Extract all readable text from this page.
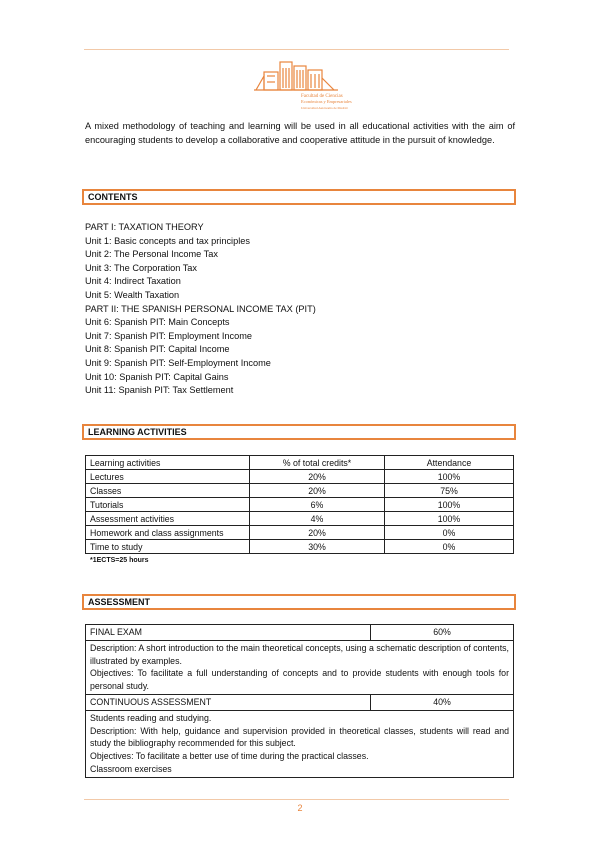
Facultad de Ciencias
Económicas y Empresariales
Universidad Autónoma de Madrid
A mixed methodology of teaching and learning will be used in all educational activities with the aim of encouraging students to develop a collaborative and cooperative attitude in the pursuit of knowledge.
CONTENTS
PART I: TAXATION THEORY
Unit 1: Basic concepts and tax principles
Unit 2: The Personal Income Tax
Unit 3: The Corporation Tax
Unit 4: Indirect Taxation
Unit 5: Wealth Taxation
PART II: THE SPANISH PERSONAL INCOME TAX (PIT)
Unit 6: Spanish PIT: Main Concepts
Unit 7: Spanish PIT: Employment Income
Unit 8: Spanish PIT: Capital Income
Unit 9: Spanish PIT: Self-Employment Income
Unit 10: Spanish PIT: Capital Gains
Unit 11: Spanish PIT: Tax Settlement
LEARNING ACTIVITIES
Learning activities	% of total credits*	Attendance
Lectures	20%	100%
Classes	20%	75%
Tutorials	6%	100%
Assessment activities	4%	100%
Homework and class assignments	20%	0%
Time to study	30%	0%
*1ECTS=25 hours
ASSESSMENT
FINAL EXAM	60%

Description: A short introduction to the main theoretical concepts, using a schematic description of contents, illustrated by examples.
Objectives: To facilitate a full understanding of concepts and to provide students with enough tools for personal study.	

CONTINUOUS ASSESSMENT	40%

Students reading and studying.
Description: With help, guidance and supervision provided in theoretical classes, students will read and study the bibliography recommended for this subject.
Objectives: To facilitate a better use of time during the practical classes.
Classroom exercises	
2
